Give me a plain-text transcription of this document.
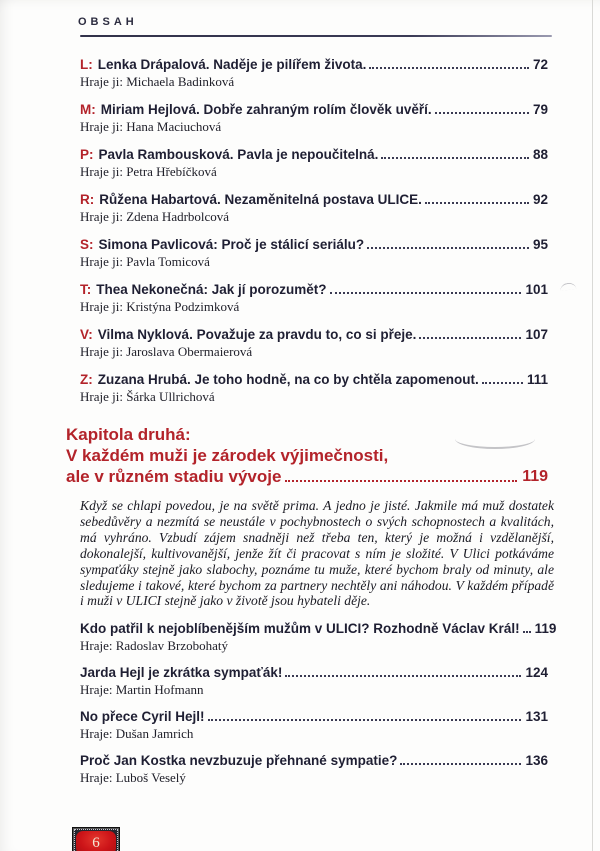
OBSAH
L: Lenka Drápalová. Naděje je pilířem života.	72
Hraje ji: Michaela Badinková
M: Miriam Hejlová. Dobře zahraným rolím člověk uvěří.	79
Hraje ji: Hana Maciuchová
P: Pavla Rambousková. Pavla je nepoučitelná.	88
Hraje ji: Petra Hřebíčková
R: Růžena Habartová. Nezaměnitelná postava ULICE.	92
Hraje ji: Zdena Hadrbolcová
S: Simona Pavlicová: Proč je stálicí seriálu?	95
Hraje ji: Pavla Tomicová
T: Thea Nekonečná: Jak jí porozumět?	101
Hraje ji: Kristýna Podzimková
V: Vilma Nyklová. Považuje za pravdu to, co si přeje.	107
Hraje ji: Jaroslava Obermaierová
Z: Zuzana Hrubá. Je toho hodně, na co by chtěla zapomenout.	111
Hraje ji: Šárka Ullrichová
Kapitola druhá:
V každém muži je zárodek výjimečnosti,
ale v různém stadiu vývoje	119
Když se chlapi povedou, je na světě prima. A jedno je jisté. Jakmile má muž dostatek sebedůvěry a nezmítá se neustále v pochybnostech o svých schopnostech a kvalitách, má vyhráno. Vzbudí zájem snadněji než třeba ten, který je možná i vzdělanější, dokonalejší, kultivovanější, jenže žít či pracovat s ním je složité. V Ulici potkáváme sympaťáky stejně jako slabochy, poznáme tu muže, které bychom braly od minuty, ale sledujeme i takové, které bychom za partnery nechtěly ani náhodou. V každém případě i muži v ULICI stejně jako v životě jsou hybateli děje.
Kdo patřil k nejoblíbenějším mužům v ULICI? Rozhodně Václav Král! 119
Hraje: Radoslav Brzobohatý
Jarda Hejl je zkrátka sympaťák!	124
Hraje: Martin Hofmann
No přece Cyril Hejl!	131
Hraje: Dušan Jamrich
Proč Jan Kostka nevzbuzuje přehnané sympatie?	136
Hraje: Luboš Veselý
6
